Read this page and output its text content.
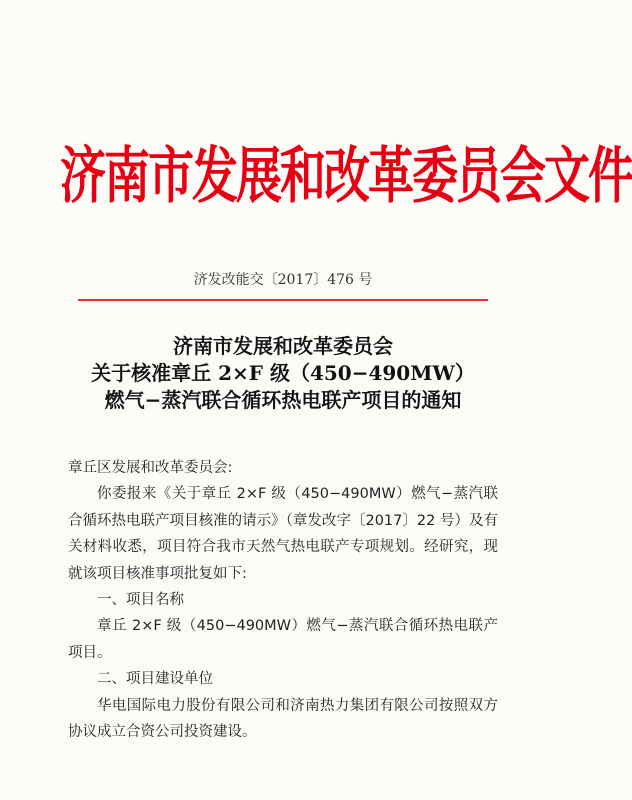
济南市发展和改革委员会文件
济发改能交〔2017〕476 号
济南市发展和改革委员会
关于核准章丘 2×F 级（450−490MW）
燃气−蒸汽联合循环热电联产项目的通知

章丘区发展和改革委员会:

你委报来《关于章丘 2×F 级（450−490MW）燃气−蒸汽联合循环热电联产项目核准的请示》（章发改字〔2017〕22 号）及有关材料收悉，项目符合我市天然气热电联产专项规划。经研究，现就该项目核准事项批复如下:

一、项目名称

章丘 2×F 级（450−490MW）燃气−蒸汽联合循环热电联产项目。

二、项目建设单位

华电国际电力股份有限公司和济南热力集团有限公司按照双方协议成立合资公司投资建设。
